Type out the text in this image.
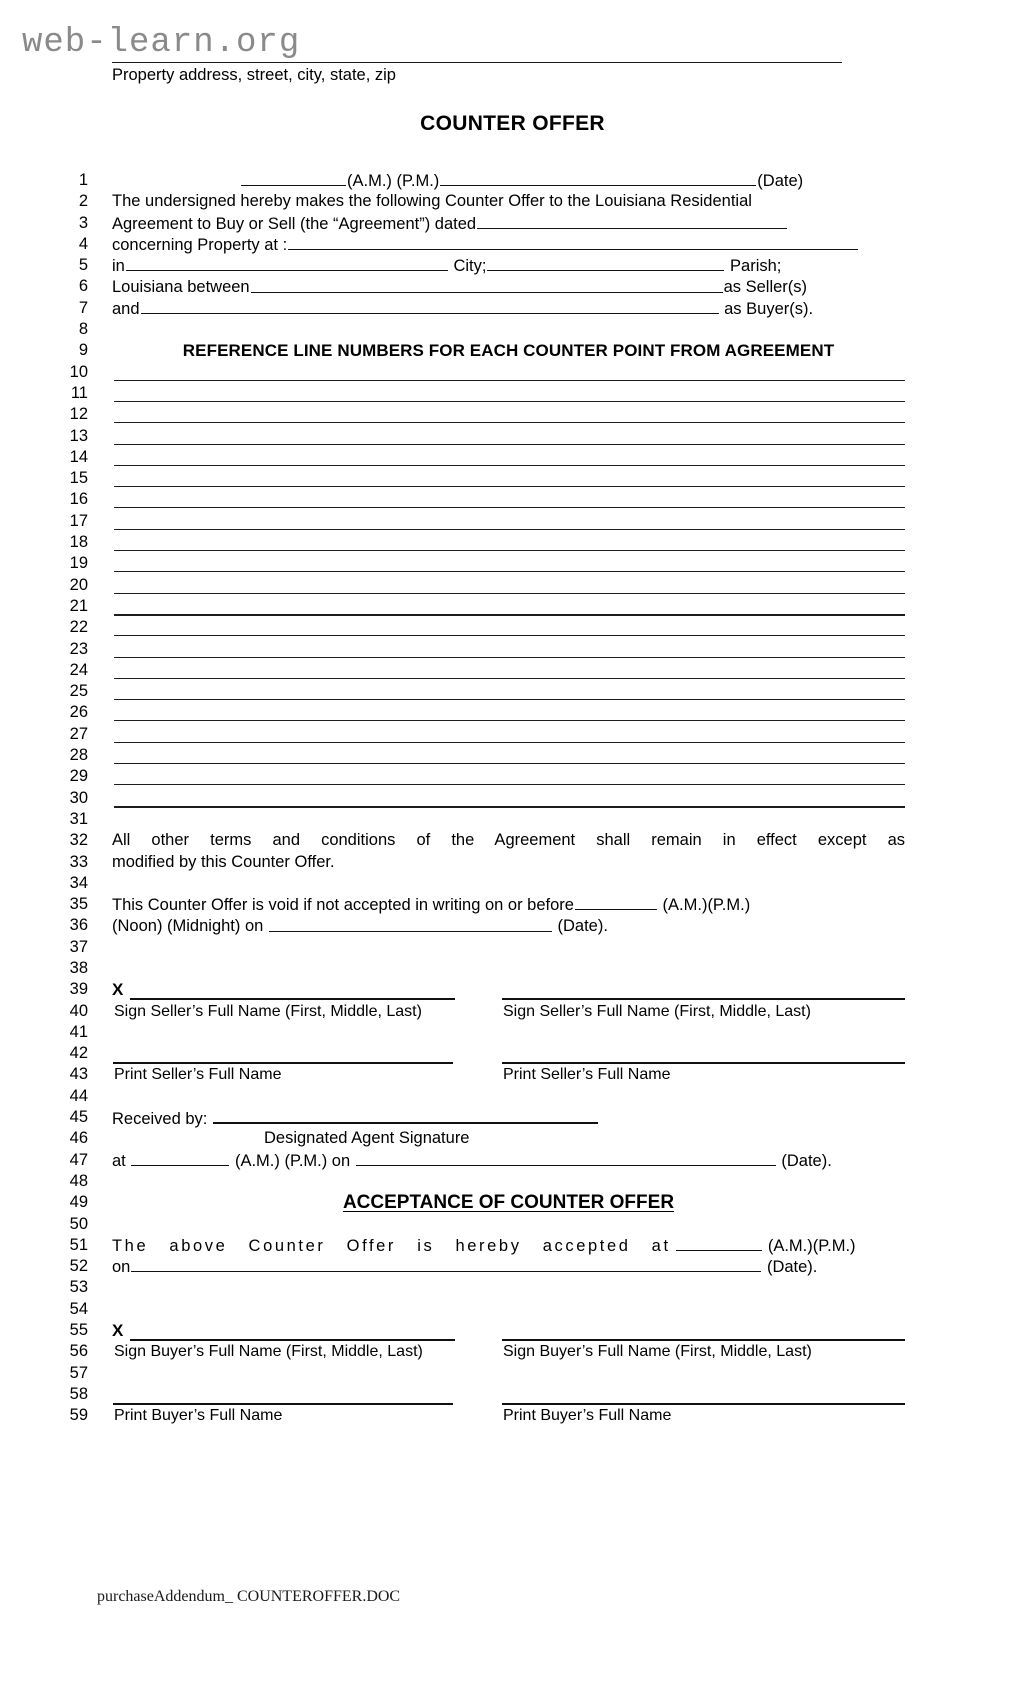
web-learn.org
Property address, street, city, state, zip
COUNTER OFFER
1	(A.M.) (P.M.)	(Date)
2 The undersigned hereby makes the following Counter Offer to the Louisiana Residential
3 Agreement to Buy or Sell (the “Agreement”) dated
4 concerning Property at :
5 in	City;	Parish;
6 Louisiana between	as Seller(s)
7 and	as Buyer(s).
8
9	REFERENCE LINE NUMBERS FOR EACH COUNTER POINT FROM AGREEMENT
10
11
12
13
14
15
16
17
18
19
20
21
22
23
24
25
26
27
28
29
30
31
32 All other terms and conditions of the Agreement shall remain in effect except as
33 modified by this Counter Offer.
34
35 This Counter Offer is void if not accepted in writing on or before	(A.M.)(P.M.)
36 (Noon) (Midnight) on	(Date).
37
38
39 X
40 Sign Seller’s Full Name (First, Middle, Last)	Sign Seller’s Full Name (First, Middle, Last)
41
42
43 Print Seller’s Full Name	Print Seller’s Full Name
44
45 Received by:
46	Designated Agent Signature
47 at	(A.M.) (P.M.) on	(Date).
48
49	ACCEPTANCE OF COUNTER OFFER
50
51 The above Counter Offer is hereby accepted at	(A.M.)(P.M.)
52 on	(Date).
53
54
55 X
56 Sign Buyer’s Full Name (First, Middle, Last)	Sign Buyer’s Full Name (First, Middle, Last)
57
58
59 Print Buyer’s Full Name	Print Buyer’s Full Name
purchaseAddendum_ COUNTEROFFER.DOC
